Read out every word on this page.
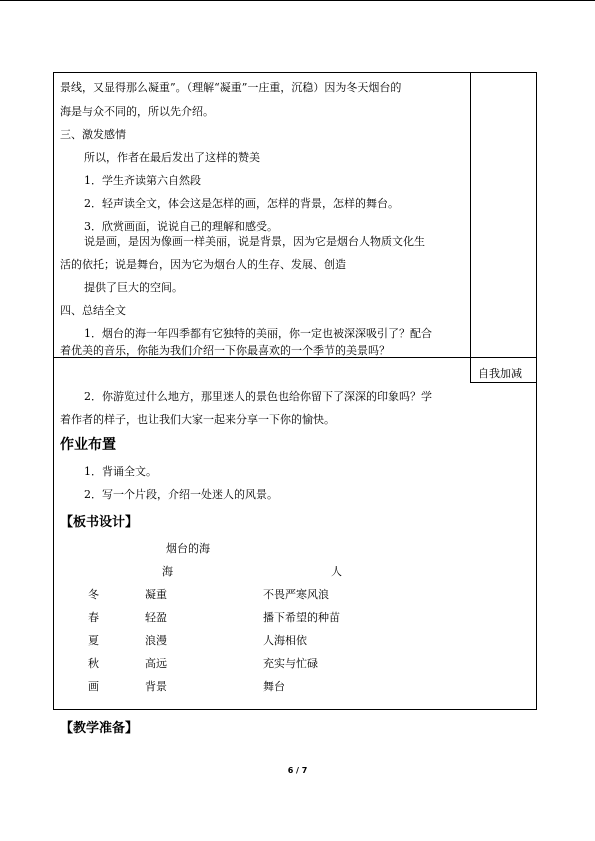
景线，又显得那么凝重”。（理解“凝重”一庄重，沉稳）因为冬天烟台的
海是与众不同的，所以先介绍。
三、激发感情
所以，作者在最后发出了这样的赞美
1．学生齐读第六自然段
2．轻声读全文，体会这是怎样的画，怎样的背景，怎样的舞台。
3．欣赏画面，说说自己的理解和感受。
说是画，是因为像画一样美丽，说是背景，因为它是烟台人物质文化生
活的依托；说是舞台，因为它为烟台人的生存、发展、创造
提供了巨大的空间。
四、总结全文
1．烟台的海一年四季都有它独特的美丽，你一定也被深深吸引了？配合
着优美的音乐，你能为我们介绍一下你最喜欢的一个季节的美景吗？
自我加减
2．你游览过什么地方，那里迷人的景色也给你留下了深深的印象吗？学
着作者的样子，也让我们大家一起来分享一下你的愉快。
作业布置
1．背诵全文。
2．写一个片段，介绍一处迷人的风景。
【板书设计】
烟台的海
海	人
冬	凝重	不畏严寒风浪
春	轻盈	播下希望的种苗
夏	浪漫	人海相依
秋	高远	充实与忙碌
画	背景	舞台
【教学准备】
6 / 7
